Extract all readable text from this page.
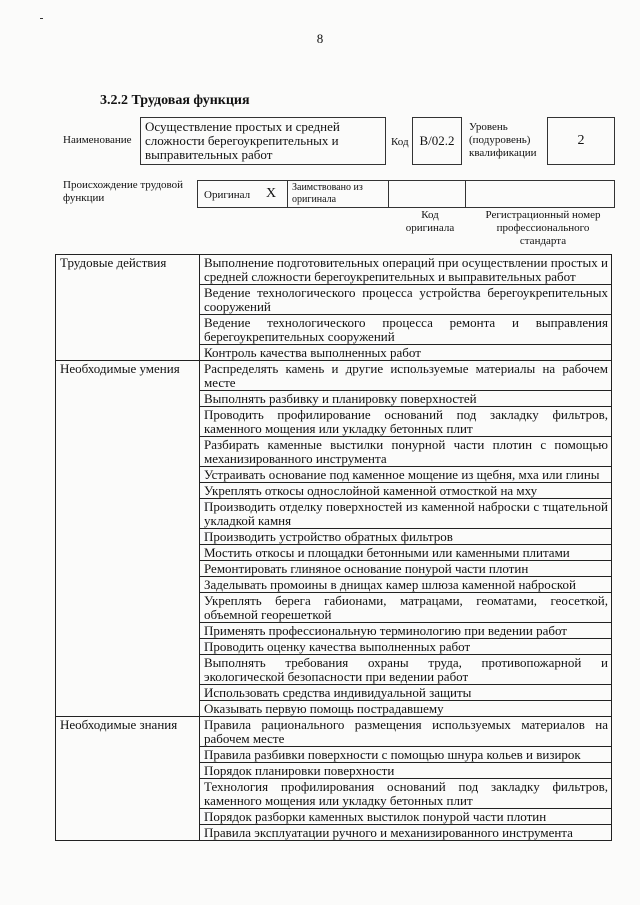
8
3.2.2 Трудовая функция
Наименование
Осуществление простых и средней сложности берегоукрепительных и выправительных работ
Код B/02.2
Уровень (подуровень) квалификации
2
Происхождение трудовой функции	Оригинал X	Заимствовано из оригинала
Код оригинала
Регистрационный номер профессионального стандарта
Трудовые действия	Выполнение подготовительных операций при осуществлении простых и средней сложности берегоукрепительных и выправительных работ
	Ведение технологического процесса устройства берегоукрепительных сооружений
	Ведение технологического процесса ремонта и выправления берегоукрепительных сооружений
	Контроль качества выполненных работ
Необходимые умения	Распределять камень и другие используемые материалы на рабочем месте
	Выполнять разбивку и планировку поверхностей
	Проводить профилирование оснований под закладку фильтров, каменного мощения или укладку бетонных плит
	Разбирать каменные выстилки понурной части плотин с помощью механизированного инструмента
	Устраивать основание под каменное мощение из щебня, мха или глины
	Укреплять откосы однослойной каменной отмосткой на мху
	Производить отделку поверхностей из каменной наброски с тщательной укладкой камня
	Производить устройство обратных фильтров
	Мостить откосы и площадки бетонными или каменными плитами
	Ремонтировать глиняное основание понурой части плотин
	Заделывать промоины в днищах камер шлюза каменной наброской
	Укреплять берега габионами, матрацами, геоматами, геосеткой, объемной георешеткой
	Применять профессиональную терминологию при ведении работ
	Проводить оценку качества выполненных работ
	Выполнять требования охраны труда, противопожарной и экологической безопасности при ведении работ
	Использовать средства индивидуальной защиты
	Оказывать первую помощь пострадавшему
Необходимые знания	Правила рационального размещения используемых материалов на рабочем месте
	Правила разбивки поверхности с помощью шнура кольев и визирок
	Порядок планировки поверхности
	Технология профилирования оснований под закладку фильтров, каменного мощения или укладку бетонных плит
	Порядок разборки каменных выстилок понурой части плотин
	Правила эксплуатации ручного и механизированного инструмента
